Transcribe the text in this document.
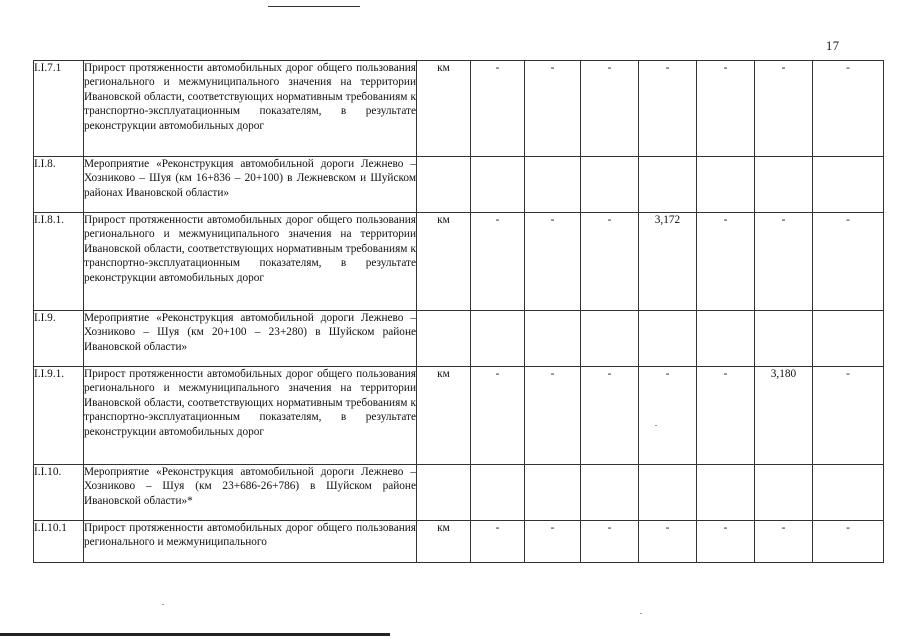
17
I.I.7.1	Прирост протяженности автомобильных дорог общего пользования регионального и межмуниципального значения на территории Ивановской области, соответствующих нормативным требованиям к транспортно-эксплуатационным показателям, в результате реконструкции автомобильных дорог	км	-	-	-	-	-	-	-
I.I.8.	Мероприятие «Реконструкция автомобильной дороги Лежнево – Хозниково – Шуя (км 16+836 – 20+100) в Лежневском и Шуйском районах Ивановской области»								
I.I.8.1.	Прирост протяженности автомобильных дорог общего пользования регионального и межмуниципального значения на территории Ивановской области, соответствующих нормативным требованиям к транспортно-эксплуатационным показателям, в результате реконструкции автомобильных дорог	км	-	-	-	3,172	-	-	-
I.I.9.	Мероприятие «Реконструкция автомобильной дороги Лежнево – Хозниково – Шуя (км 20+100 – 23+280) в Шуйском районе Ивановской области»								
I.I.9.1.	Прирост протяженности автомобильных дорог общего пользования регионального и межмуниципального значения на территории Ивановской области, соответствующих нормативным требованиям к транспортно-эксплуатационным показателям, в результате реконструкции автомобильных дорог	км	-	-	-	-	-	3,180	-
I.I.10.	Мероприятие «Реконструкция автомобильной дороги Лежнево – Хозниково – Шуя (км 23+686-26+786) в Шуйском районе Ивановской области»*								
I.I.10.1	Прирост протяженности автомобильных дорог общего пользования регионального и межмуниципального	км	-	-	-	-	-	-	-
